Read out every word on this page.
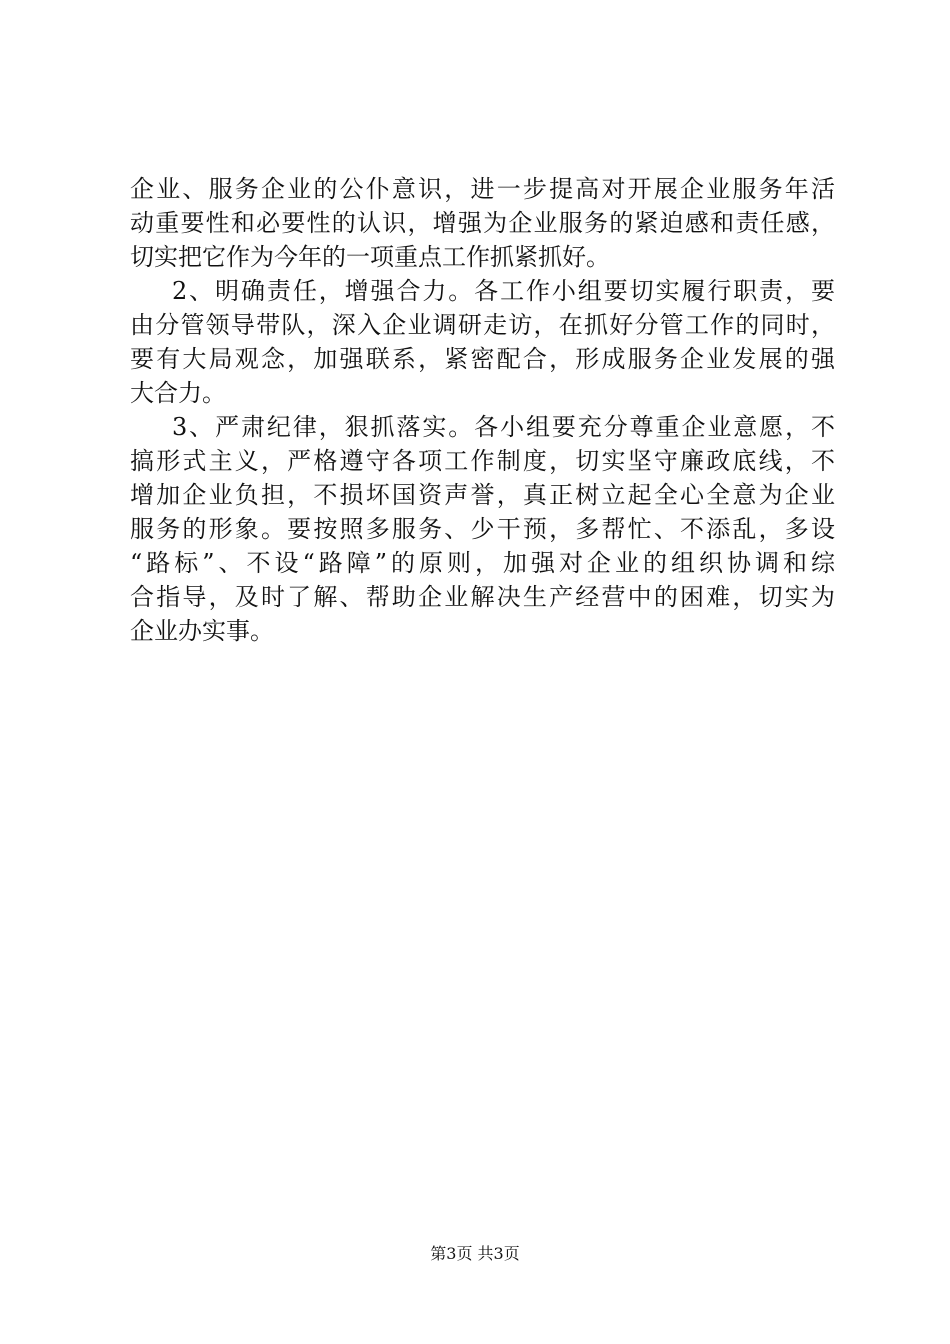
企业、服务企业的公仆意识，进一步提高对开展企业服务年活
动重要性和必要性的认识，增强为企业服务的紧迫感和责任感，
切实把它作为今年的一项重点工作抓紧抓好。
2、明确责任，增强合力。各工作小组要切实履行职责，要
由分管领导带队，深入企业调研走访，在抓好分管工作的同时，
要有大局观念，加强联系，紧密配合，形成服务企业发展的强
大合力。
3、严肃纪律，狠抓落实。各小组要充分尊重企业意愿，不
搞形式主义，严格遵守各项工作制度，切实坚守廉政底线，不
增加企业负担，不损坏国资声誉，真正树立起全心全意为企业
服务的形象。要按照多服务、少干预，多帮忙、不添乱，多设
“路标”、不设“路障”的原则，加强对企业的组织协调和综
合指导，及时了解、帮助企业解决生产经营中的困难，切实为
企业办实事。
第3页 共3页
